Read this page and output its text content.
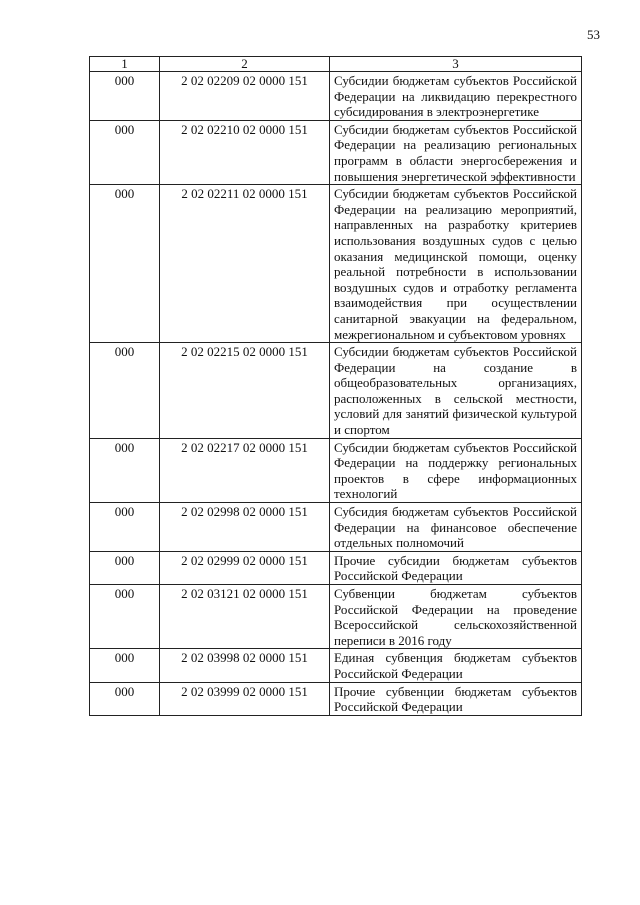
53
1	2	3
000	2 02 02209 02 0000 151	Субсидии бюджетам субъектов Российской Федерации на ликвидацию перекрестного субсидирования в электроэнергетике
000	2 02 02210 02 0000 151	Субсидии бюджетам субъектов Российской Федерации на реализацию региональных программ в области энергосбережения и повышения энергетической эффективности
000	2 02 02211 02 0000 151	Субсидии бюджетам субъектов Российской Федерации на реализацию мероприятий, направленных на разработку критериев использования воздушных судов с целью оказания медицинской помощи, оценку реальной потребности в использовании воздушных судов и отработку регламента взаимодействия при осуществлении санитарной эвакуации на федеральном, межрегиональном и субъектовом уровнях
000	2 02 02215 02 0000 151	Субсидии бюджетам субъектов Российской Федерации на создание в общеобразовательных организациях, расположенных в сельской местности, условий для занятий физической культурой и спортом
000	2 02 02217 02 0000 151	Субсидии бюджетам субъектов Российской Федерации на поддержку региональных проектов в сфере информационных технологий
000	2 02 02998 02 0000 151	Субсидия бюджетам субъектов Российской Федерации на финансовое обеспечение отдельных полномочий
000	2 02 02999 02 0000 151	Прочие субсидии бюджетам субъектов Российской Федерации
000	2 02 03121 02 0000 151	Субвенции бюджетам субъектов Российской Федерации на проведение Всероссийской сельскохозяйственной переписи в 2016 году
000	2 02 03998 02 0000 151	Единая субвенция бюджетам субъектов Российской Федерации
000	2 02 03999 02 0000 151	Прочие субвенции бюджетам субъектов Российской Федерации
